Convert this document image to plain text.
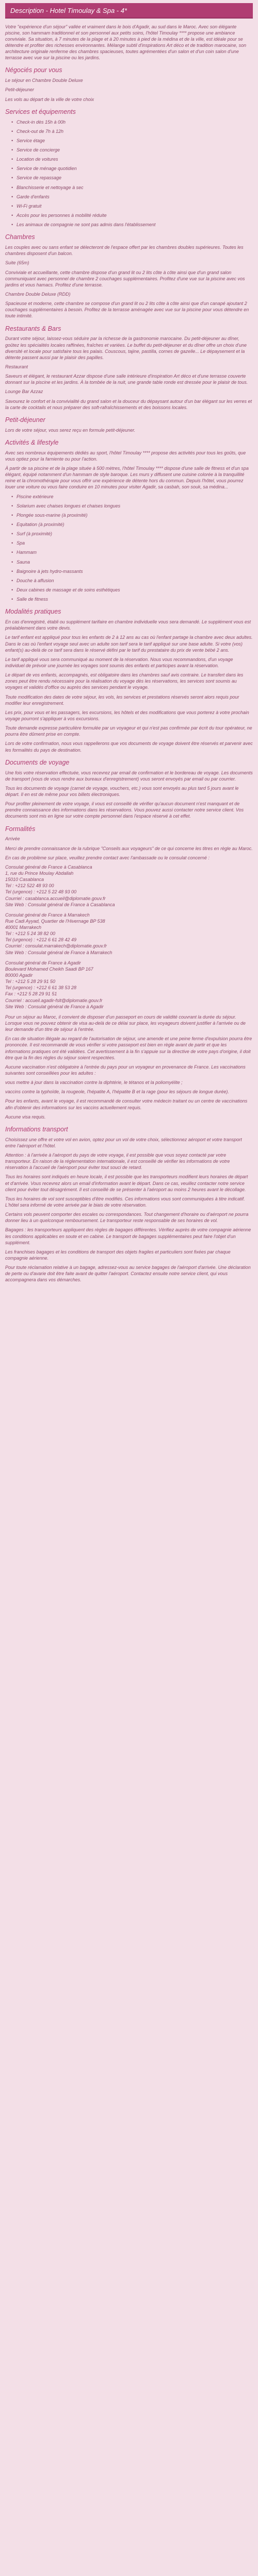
Description - Hotel Timoulay & Spa - 4*

Votre "expérience d'un séjour" vallée et vraiment dans le bois d'Agadir, au sud dans le Maroc. Avec son élégante piscine, son hammam traditionnel et son personnel aux petits soins, l'hôtel Timoulay **** propose une ambiance conviviale. Sa situation, à 7 minutes de la plage et à 20 minutes à pied de la médina et de la ville, est idéale pour se détendre et profiter des richesses environnantes. Mélange subtil d'inspirations Art déco et de tradition marocaine, son architecture originale renferme des chambres spacieuses, toutes agrémentées d'un salon et d'un coin salon d'une terrasse avec vue sur la piscine ou les jardins.

Négociés pour vous

Le séjour en Chambre Double Deluxe

Petit-déjeuner

Les vols au départ de la ville de votre choix

Services et équipements
• Check-in dès 15h à 00h
• Check-out de 7h à 12h
• Service étage
• Service de concierge
• Location de voitures
• Service de ménage quotidien
• Service de repassage
• Blanchisserie et nettoyage à sec
• Garde d'enfants
• Wi-Fi gratuit
• Accès pour les personnes à mobilité réduite
• Les animaux de compagnie ne sont pas admis dans l'établissement
Chambres

Les couples avec ou sans enfant se délecteront de l'espace offert par les chambres doubles supérieures. Toutes les chambres disposent d'un balcon.

Suite (65m)

Conviviale et accueillante, cette chambre dispose d'un grand lit ou 2 lits côte à côte ainsi que d'un grand salon communiquant avec personnel de chambre 2 couchages supplémentaires. Profitez d'une vue sur la piscine avec vos jardins et vous hamacs. Profitez d'une terrasse.

Chambre Double Deluxe (RDD)

Spacieuse et moderne, cette chambre se compose d'un grand lit ou 2 lits côte à côte ainsi que d'un canapé ajoutant 2 couchages supplémentaires à besoin. Profitez de la terrasse aménagée avec vue sur la piscine pour vous détendre en toute intimité.

Restaurants & Bars

Durant votre séjour, laissez-vous séduire par la richesse de la gastronomie marocaine. Du petit-déjeuner au dîner, goûtez les spécialités locales raffinées, fraîches et variées. Le buffet du petit-déjeuner et du dîner offre un choix d'une diversité et locale pour satisfaire tous les palais. Couscous, tajine, pastilla, cornes de gazelle... Le dépaysement et la détente passent aussi par le plaisir des papilles.

Restaurant

Saveurs et élégant, le restaurant Azzar dispose d'une salle intérieure d'inspiration Art déco et d'une terrasse couverte donnant sur la piscine et les jardins. À la tombée de la nuit, une grande table ronde est dressée pour le plaisir de tous.

Lounge Bar Azzaz

Savourez le confort et la convivialité du grand salon et la douceur du dépaysant autour d'un bar élégant sur les verres et la carte de cocktails et nous préparer des soft-rafraîchissements et des boissons locales.

Petit-déjeuner

Lors de votre séjour, vous serez reçu en formule petit-déjeuner.

Activités & lifestyle

Avec ses nombreux équipements dédiés au sport, l'hôtel Timoulay **** propose des activités pour tous les goûts, que vous optiez pour la farniente ou pour l'action.

À partir de sa piscine et de la plage située à 500 mètres, l'hôtel Timoulay **** dispose d'une salle de fitness et d'un spa élégant, équipé notamment d'un hammam de style baroque. Les murs y diffusent une cuisine colorée à la tranquillité reine et la chromothérapie pour vous offrir une expérience de détente hors du commun. Depuis l'hôtel, vous pourrez louer une voiture ou vous faire conduire en 10 minutes pour visiter Agadir, sa casbah, son souk, sa médina...

• Piscine extérieure
• Solarium avec chaises longues et chaises longues
• Plongée sous-marine (à proximité)
• Equitation (à proximité)
• Surf (à proximité)
• Spa
• Hammam
• Sauna
• Baignoire à jets hydro-massants
• Douche à affusion
• Deux cabines de massage et de soins esthétiques
• Salle de fitness
Modalités pratiques

En cas d'enregistré, établi ou supplément tarifaire en chambre individuelle vous sera demandé. Le supplément vous est préalablement dans votre devis.

Le tarif enfant est appliqué pour tous les enfants de 2 à 12 ans au cas où l'enfant partage la chambre avec deux adultes. Dans le cas où l'enfant voyage seul avec un adulte son tarif sera le tarif appliqué sur une base adulte. Si votre (vos) enfant(s) au-delà de ce tarif sera dans le réservé défini par le tarif du prestataire du prix de vente bébé 2 ans.

Le tarif appliqué vous sera communiqué au moment de la réservation. Nous vous recommandons, d'un voyage individuel de prévoir une journée les voyages sont soumis des enfants et participes avant la réservation.

Le départ de vos enfants, accompagnés, est obligatoire dans les chambres sauf avis contraire. Le transfert dans les zones peut être rendu nécessaire pour la réalisation du voyage dès les réservations, les services sont soumis au voyages et validés d'office ou auprès des services pendant le voyage.

Toute modification des dates de votre séjour, les vols, les services et prestations réservés seront alors requis pour modifier leur enregistrement.

Les prix, pour vous et les passagers, les excursions, les hôtels et des modifications que vous porterez à votre prochain voyage pourront s'appliquer à vos excursions.

Toute demande expresse particulière formulée par un voyageur et qui n'est pas confirmée par écrit du tour opérateur, ne pourra être dûment prise en compte.

Lors de votre confirmation, nous vous rappellerons que vos documents de voyage doivent être réservés et parvenir avec les formalités du pays de destination.

Documents de voyage

Une fois votre réservation effectuée, vous recevrez par email de confirmation et le bordereau de voyage. Les documents de transport (vous de vous rendre aux bureaux d'enregistrement) vous seront envoyés par email ou par courrier.

Tous les documents de voyage (carnet de voyage, vouchers, etc.) vous sont envoyés au plus tard 5 jours avant le départ. Il en est de même pour vos billets électroniques.

Pour profiter pleinement de votre voyage, il vous est conseillé de vérifier qu'aucun document n'est manquant et de prendre connaissance des informations dans les réservations. Vous pouvez aussi contacter notre service client. Vos documents sont mis en ligne sur votre compte personnel dans l'espace réservé à cet effet.

Formalités

Arrivée

Merci de prendre connaissance de la rubrique "Conseils aux voyageurs" de ce qui concerne les titres en règle au Maroc.

En cas de problème sur place, veuillez prendre contact avec l'ambassade ou le consulat concerné :

Consulat général de France à Casablanca
1, rue du Prince Moulay Abdallah
15010 Casablanca
Tel : +212 522 48 93 00
Tel (urgence) : +212 5 22 48 93 00
Courriel : casablanca.accueil@diplomatie.gouv.fr
Site Web : Consulat général de France à Casablanca
Consulat général de France à Marrakech
Rue Cadi Ayyad, Quartier de l'Hivernage BP 538
40001 Marrakech
Tel : +212 5 24 38 82 00
Tel (urgence) : +212 6 61 28 42 49
Courriel : consulat.marrakech@diplomatie.gouv.fr
Site Web : Consulat général de France à Marrakech
Consulat général de France à Agadir
Boulevard Mohamed Cheikh Saadi BP 167
80000 Agadir
Tel : +212 5 28 29 91 50
Tel (urgence) : +212 6 61 38 53 28
Fax : +212 5 28 29 91 51
Courriel : accueil.agadir-fslt@diplomatie.gouv.fr
Site Web : Consulat général de France à Agadir

Pour un séjour au Maroc, il convient de disposer d'un passeport en cours de validité couvrant la durée du séjour. Lorsque vous ne pouvez obtenir de visa au-delà de ce délai sur place, les voyageurs doivent justifier à l'arrivée ou de leur demande d'un titre de séjour à l'entrée.

En cas de situation illégale au regard de l'autorisation de séjour, une amende et une peine ferme d'expulsion pourra être prononcée. Il est recommandé de vous vérifier si votre passeport est bien en règle avant de partir et que les informations pratiques ont été validées. Cet avertissement à la fin s'appuie sur la directive de votre pays d'origine, il doit être que la fin des règles du séjour soient respectées.

Aucune vaccination n'est obligatoire à l'entrée du pays pour un voyageur en provenance de France. Les vaccinations suivantes sont conseillées pour les adultes :

vous mettre à jour dans la vaccination contre la diphtérie, le tétanos et la poliomyélite ;

vaccins contre la typhoïde, la rougeole, l'hépatite A, l'hépatite B et la rage (pour les séjours de longue durée).

Pour les enfants, avant le voyage, il est recommandé de consulter votre médecin traitant ou un centre de vaccinations afin d'obtenir des informations sur les vaccins actuellement requis.

Aucune visa requis.

Informations transport

Choisissez une offre et votre vol en avion, optez pour un vol de votre choix, sélectionnez aéroport et votre transport entre l'aéroport et l'hôtel.

Attention : à l'arrivée à l'aéroport du pays de votre voyage, il est possible que vous soyez contacté par votre transporteur. En raison de la réglementation internationale, il est conseillé de vérifier les informations de votre réservation à l'accueil de l'aéroport pour éviter tout souci de retard.

Tous les horaires sont indiqués en heure locale, il est possible que les transporteurs modifient leurs horaires de départ et d'arrivée. Vous recevrez alors un email d'information avant le départ. Dans ce cas, veuillez contacter notre service client pour éviter tout désagrément. Il est conseillé de se présenter à l'aéroport au moins 2 heures avant le décollage.

Tous les horaires de vol sont susceptibles d'être modifiés. Ces informations vous sont communiquées à titre indicatif. L'hôtel sera informé de votre arrivée par le biais de votre réservation.

Certains vols peuvent comporter des escales ou correspondances. Tout changement d'horaire ou d'aéroport ne pourra donner lieu à un quelconque remboursement. Le transporteur reste responsable de ses horaires de vol.

Bagages : les transporteurs appliquent des règles de bagages différentes. Vérifiez auprès de votre compagnie aérienne les conditions applicables en soute et en cabine. Le transport de bagages supplémentaires peut faire l'objet d'un supplément.

Les franchises bagages et les conditions de transport des objets fragiles et particuliers sont fixées par chaque compagnie aérienne.

Pour toute réclamation relative à un bagage, adressez-vous au service bagages de l'aéroport d'arrivée. Une déclaration de perte ou d'avarie doit être faite avant de quitter l'aéroport. Contactez ensuite notre service client, qui vous accompagnera dans vos démarches.
